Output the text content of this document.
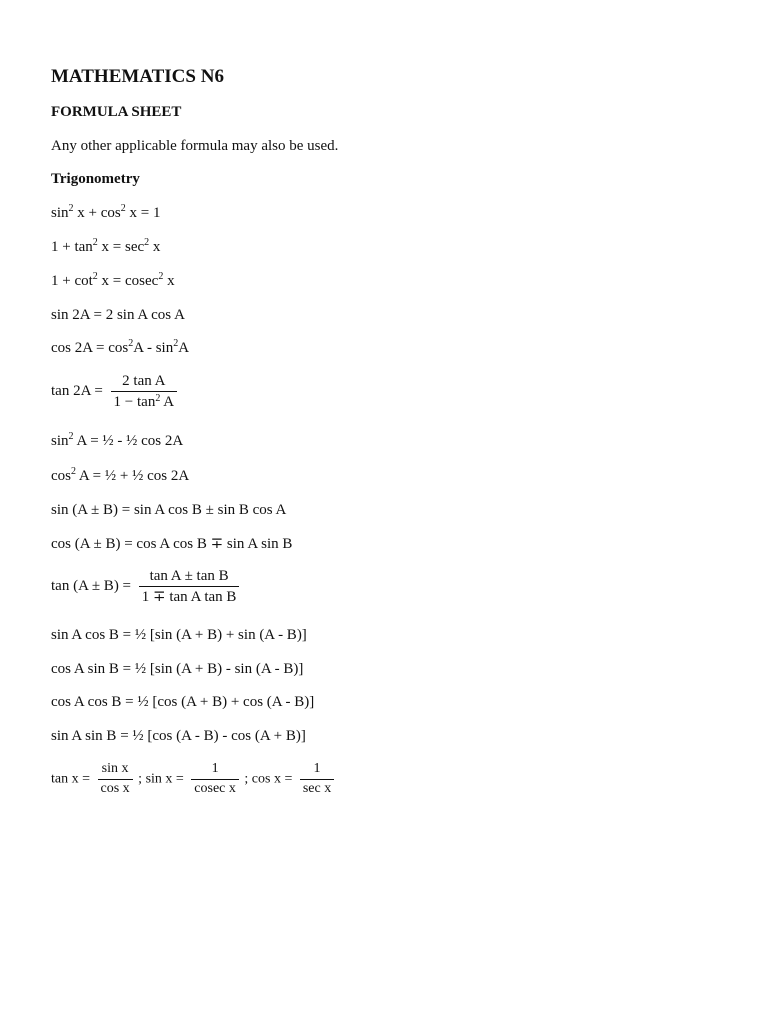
MATHEMATICS N6
FORMULA SHEET
Any other applicable formula may also be used.
Trigonometry
$\sin^2 x + \cos^2 x = 1$
$1 + \tan^2 x = \sec^2 x$
$1 + \cot^2 x = cosec^2$ x
sin 2A = 2 sin A cos A
$\cos 2A = \cos^2A - \sin^2A$
$\tan 2A = \frac{\text{2 tan A}}{1 - \tan^2 A}$
$\sin^2 A$ = ½ - ½ cos 2A
$\cos^2 A$ = ½ + ½ cos 2A
sin (A ± B) = sin A cos B ± sin B cos A
cos (A ± B) = cos A cos B ∓ sin A sin B
$\tan (A \pm B) = \frac{\text{tan A ± tan B}}{\text{1 ∓ tan A tan B}}$
sin A cos B = ½ [sin (A + B) + sin (A - B)]
cos A sin B = ½ [sin (A + B) - sin (A - B)]
cos A cos B = ½ [cos (A + B) + cos (A - B)]
sin A sin B = ½ [cos (A - B) - cos (A + B)]
$\tan x = \frac{\text{sin x}}{\text{cos x}}$ ; $\sin x = \frac{1}{\text{cosec x}}$ ; $\cos x = \frac{1}{\text{sec x}}$
